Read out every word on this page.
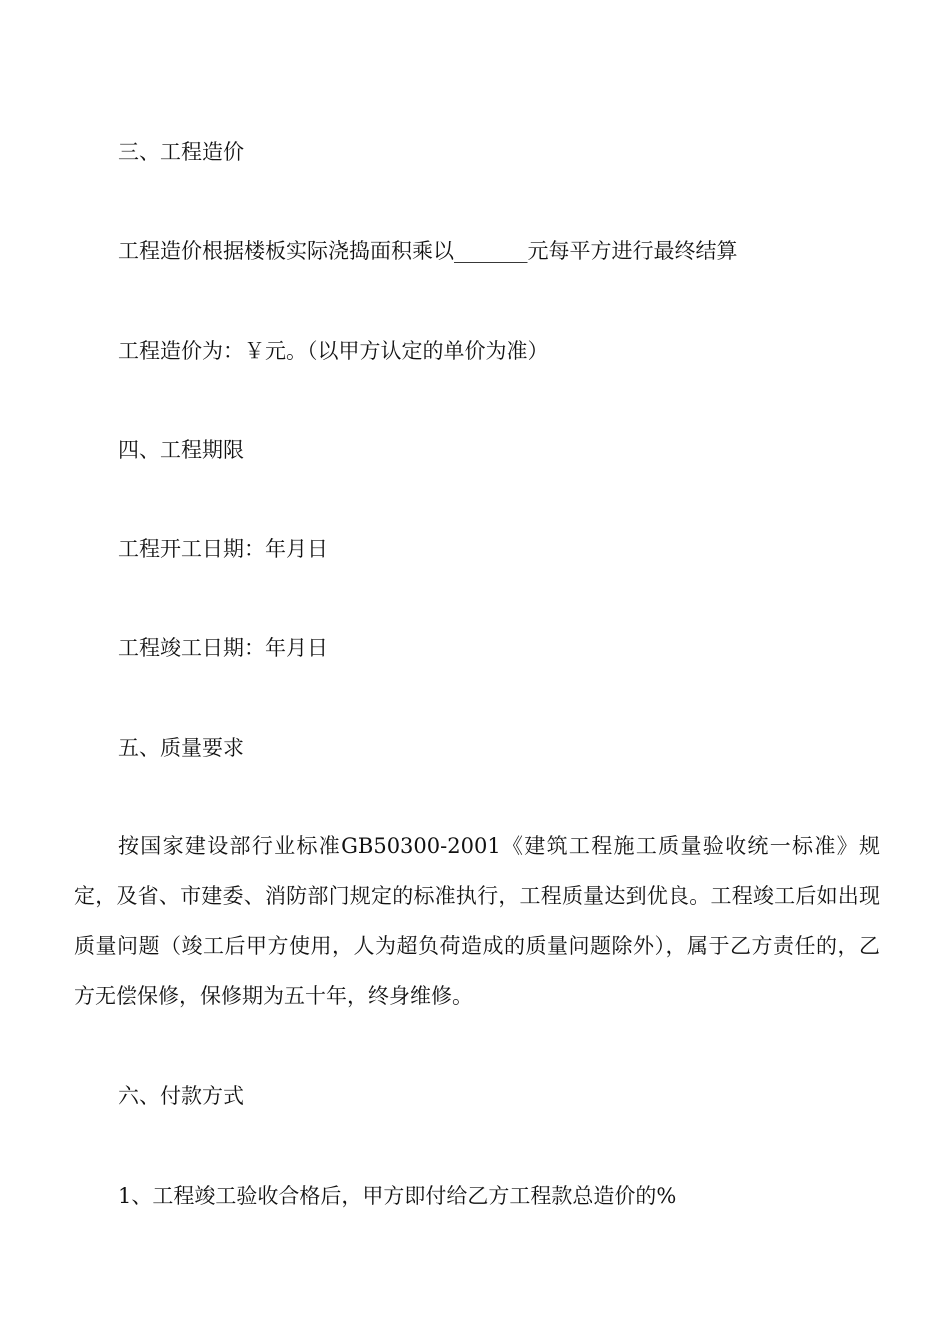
三、工程造价

工程造价根据楼板实际浇捣面积乘以_______元每平方进行最终结算

工程造价为：￥元。（以甲方认定的单价为准）

四、工程期限

工程开工日期：年月日

工程竣工日期：年月日

五、质量要求

按国家建设部行业标准GB50300-2001《建筑工程施工质量验收统一标准》规定，及省、市建委、消防部门规定的标准执行，工程质量达到优良。工程竣工后如出现质量问题（竣工后甲方使用，人为超负荷造成的质量问题除外），属于乙方责任的，乙方无偿保修，保修期为五十年，终身维修。

六、付款方式

1、工程竣工验收合格后，甲方即付给乙方工程款总造价的%
